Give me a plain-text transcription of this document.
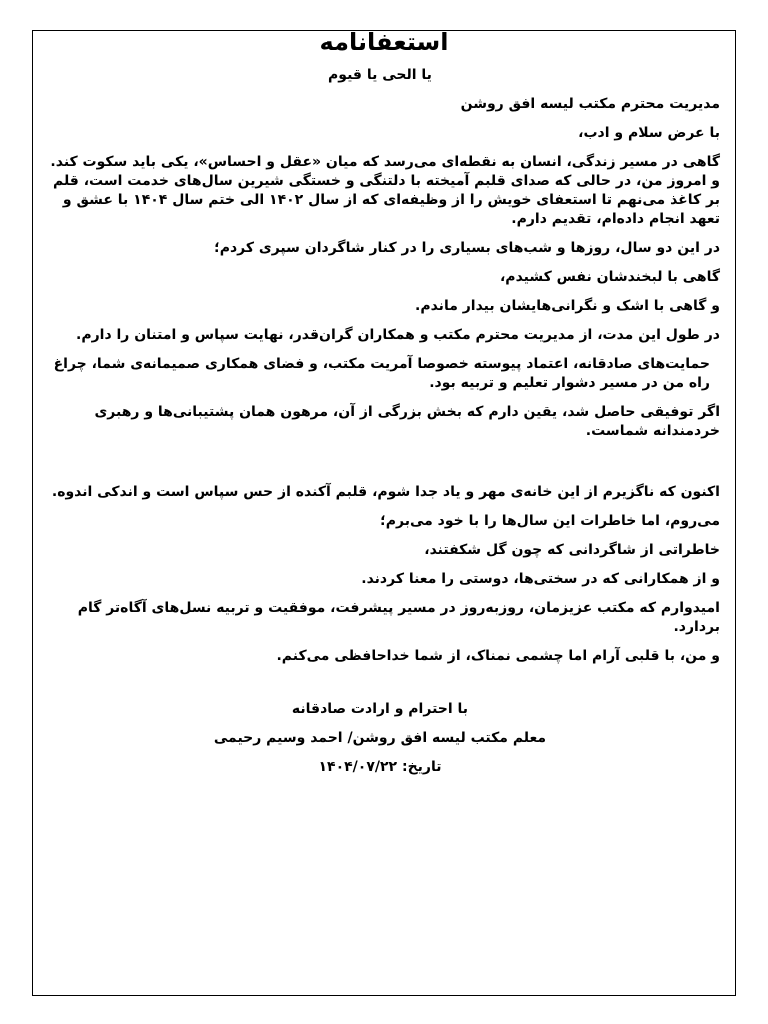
استعفانامه

یا الحی یا قیوم

مدیریت محترم مکتب لیسه افق روشن

با عرض سلام و ادب،

گاهی در مسیر زندگی، انسان به نقطه‌ای می‌رسد که میان «عقل و احساس»، یکی باید سکوت کند. و امروز من، در حالی که صدای قلبم آمیخته با دلتنگی و خستگی شیرین سال‌های خدمت است، قلم بر کاغذ می‌نهم تا استعفای خویش را از وظیفه‌ای که از سال ۱۴۰۲ الی ختم سال ۱۴۰۴ با عشق و تعهد انجام داده‌ام، تقدیم دارم.

در این دو سال، روزها و شب‌های بسیاری را در کنار شاگردان سپری کردم؛

گاهی با لبخندشان نفس کشیدم،

و گاهی با اشک و نگرانی‌هایشان بیدار ماندم.

در طول این مدت، از مدیریت محترم مکتب و همکاران گران‌قدر، نهایت سپاس و امتنان را دارم.

حمایت‌های صادقانه، اعتماد پیوسته خصوصا آمریت مکتب، و فضای همکاری صمیمانه‌ی شما، چراغ راه من در مسیر دشوار تعلیم و تربیه بود.

اگر توفیقی حاصل شد، یقین دارم که بخش بزرگی از آن، مرهون همان پشتیبانی‌ها و رهبری خردمندانه شماست.

اکنون که ناگزیرم از این خانه‌ی مهر و یاد جدا شوم، قلبم آکنده از حس سپاس است و اندکی اندوه.

می‌روم، اما خاطرات این سال‌ها را با خود می‌برم؛

خاطراتی از شاگردانی که چون گل شکفتند،

و از همکارانی که در سختی‌ها، دوستی را معنا کردند.

امیدوارم که مکتب عزیزمان، روزبه‌روز در مسیر پیشرفت، موفقیت و تربیه نسل‌های آگاه‌تر گام بردارد.

و من، با قلبی آرام اما چشمی نمناک، از شما خداحافظی می‌کنم.

با احترام و ارادت صادقانه

معلم مکتب لیسه افق روشن/ احمد وسیم رحیمی

تاریخ: ۱۴۰۴/۰۷/۲۲
